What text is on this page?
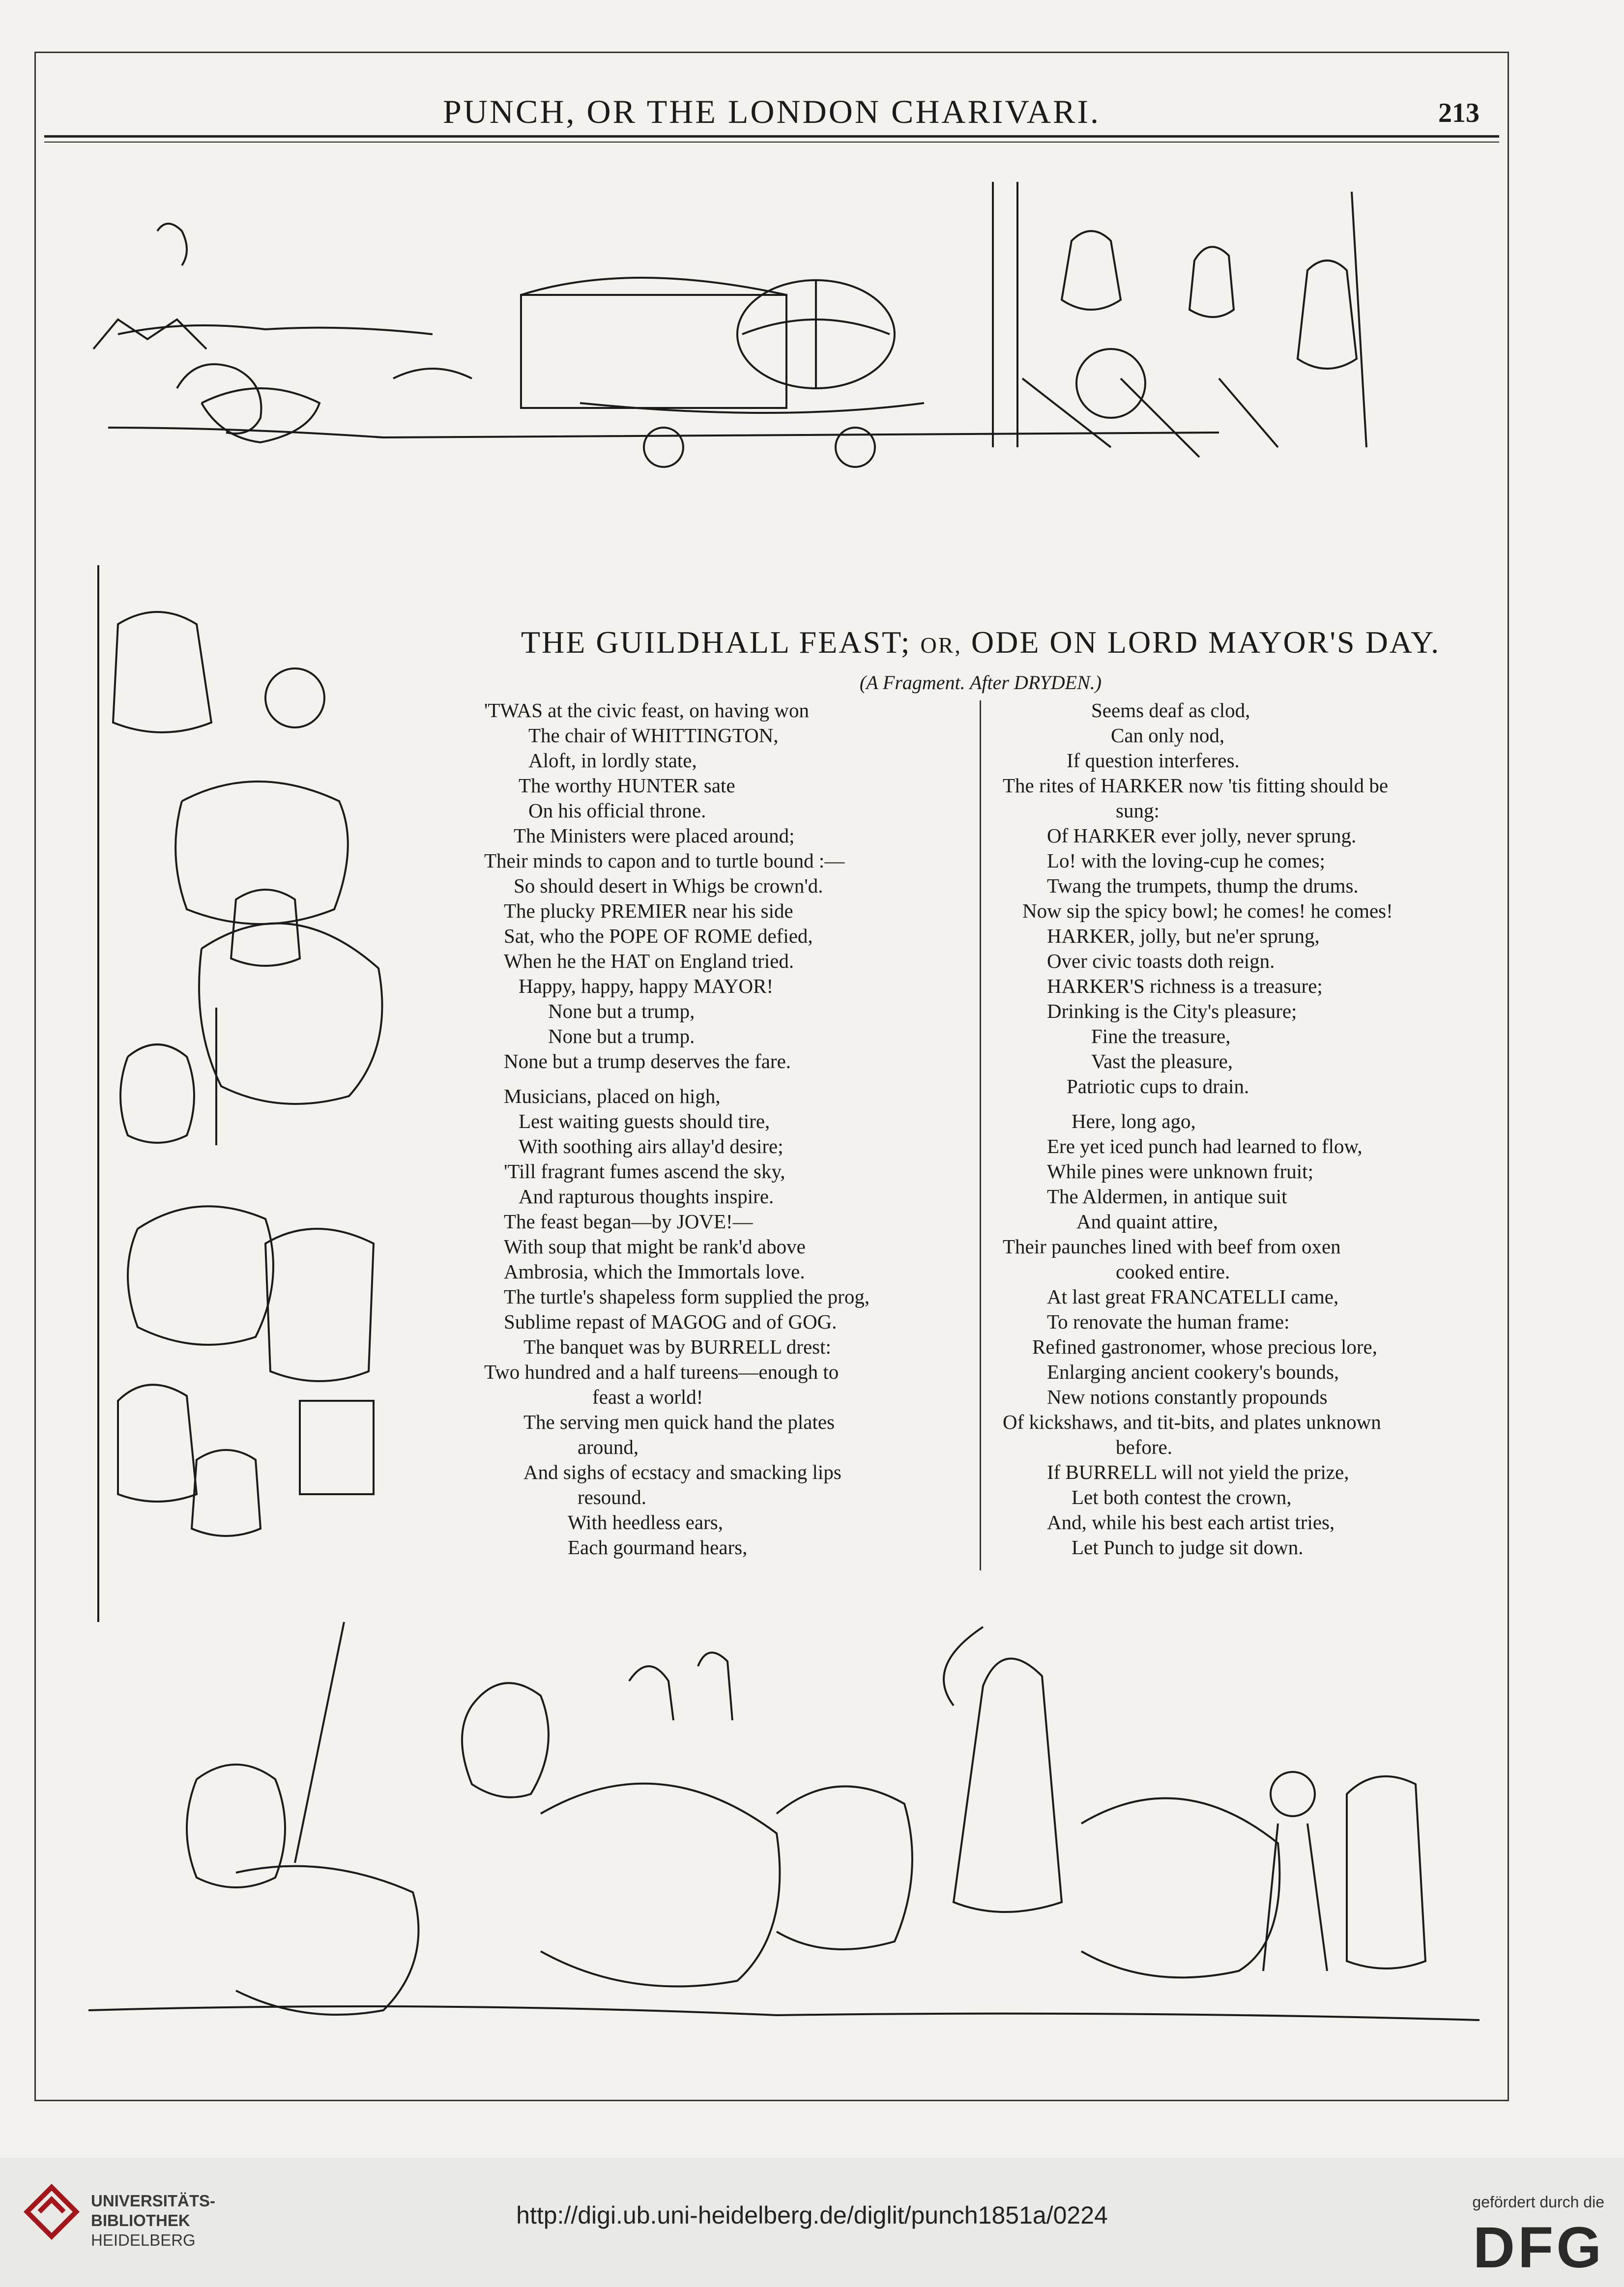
PUNCH, OR THE LONDON CHARIVARI.	213
THE GUILDHALL FEAST; OR, ODE ON LORD MAYOR'S DAY.
(A Fragment. After DRYDEN.)
'TWAS at the civic feast, on having won
The chair of WHITTINGTON,
Aloft, in lordly state,
The worthy HUNTER sate
On his official throne.
The Ministers were placed around;
Their minds to capon and to turtle bound :—
So should desert in Whigs be crown'd.
The plucky PREMIER near his side
Sat, who the POPE OF ROME defied,
When he the HAT on England tried.
Happy, happy, happy MAYOR!
None but a trump,
None but a trump.
None but a trump deserves the fare.
Musicians, placed on high,
Lest waiting guests should tire,
With soothing airs allay'd desire;
'Till fragrant fumes ascend the sky,
And rapturous thoughts inspire.
The feast began—by JOVE!—
With soup that might be rank'd above
Ambrosia, which the Immortals love.
The turtle's shapeless form supplied the prog,
Sublime repast of MAGOG and of GOG.
The banquet was by BURRELL drest:
Two hundred and a half tureens—enough to
feast a world!
The serving men quick hand the plates
around,
And sighs of ecstacy and smacking lips
resound.
With heedless ears,
Each gourmand hears,
Seems deaf as clod,
Can only nod,
If question interferes.
The rites of HARKER now 'tis fitting should be
sung:
Of HARKER ever jolly, never sprung.
Lo! with the loving-cup he comes;
Twang the trumpets, thump the drums.
Now sip the spicy bowl; he comes! he comes!
HARKER, jolly, but ne'er sprung,
Over civic toasts doth reign.
HARKER'S richness is a treasure;
Drinking is the City's pleasure;
Fine the treasure,
Vast the pleasure,
Patriotic cups to drain.
Here, long ago,
Ere yet iced punch had learned to flow,
While pines were unknown fruit;
The Aldermen, in antique suit
And quaint attire,
Their paunches lined with beef from oxen
cooked entire.
At last great FRANCATELLI came,
To renovate the human frame:
Refined gastronomer, whose precious lore,
Enlarging ancient cookery's bounds,
New notions constantly propounds
Of kickshaws, and tit-bits, and plates unknown
before.
If BURRELL will not yield the prize,
Let both contest the crown,
And, while his best each artist tries,
Let Punch to judge sit down.
UNIVERSITÄTS-
BIBLIOTHEK
HEIDELBERG
http://digi.ub.uni-heidelberg.de/diglit/punch1851a/0224	gefördert durch die
DFG
